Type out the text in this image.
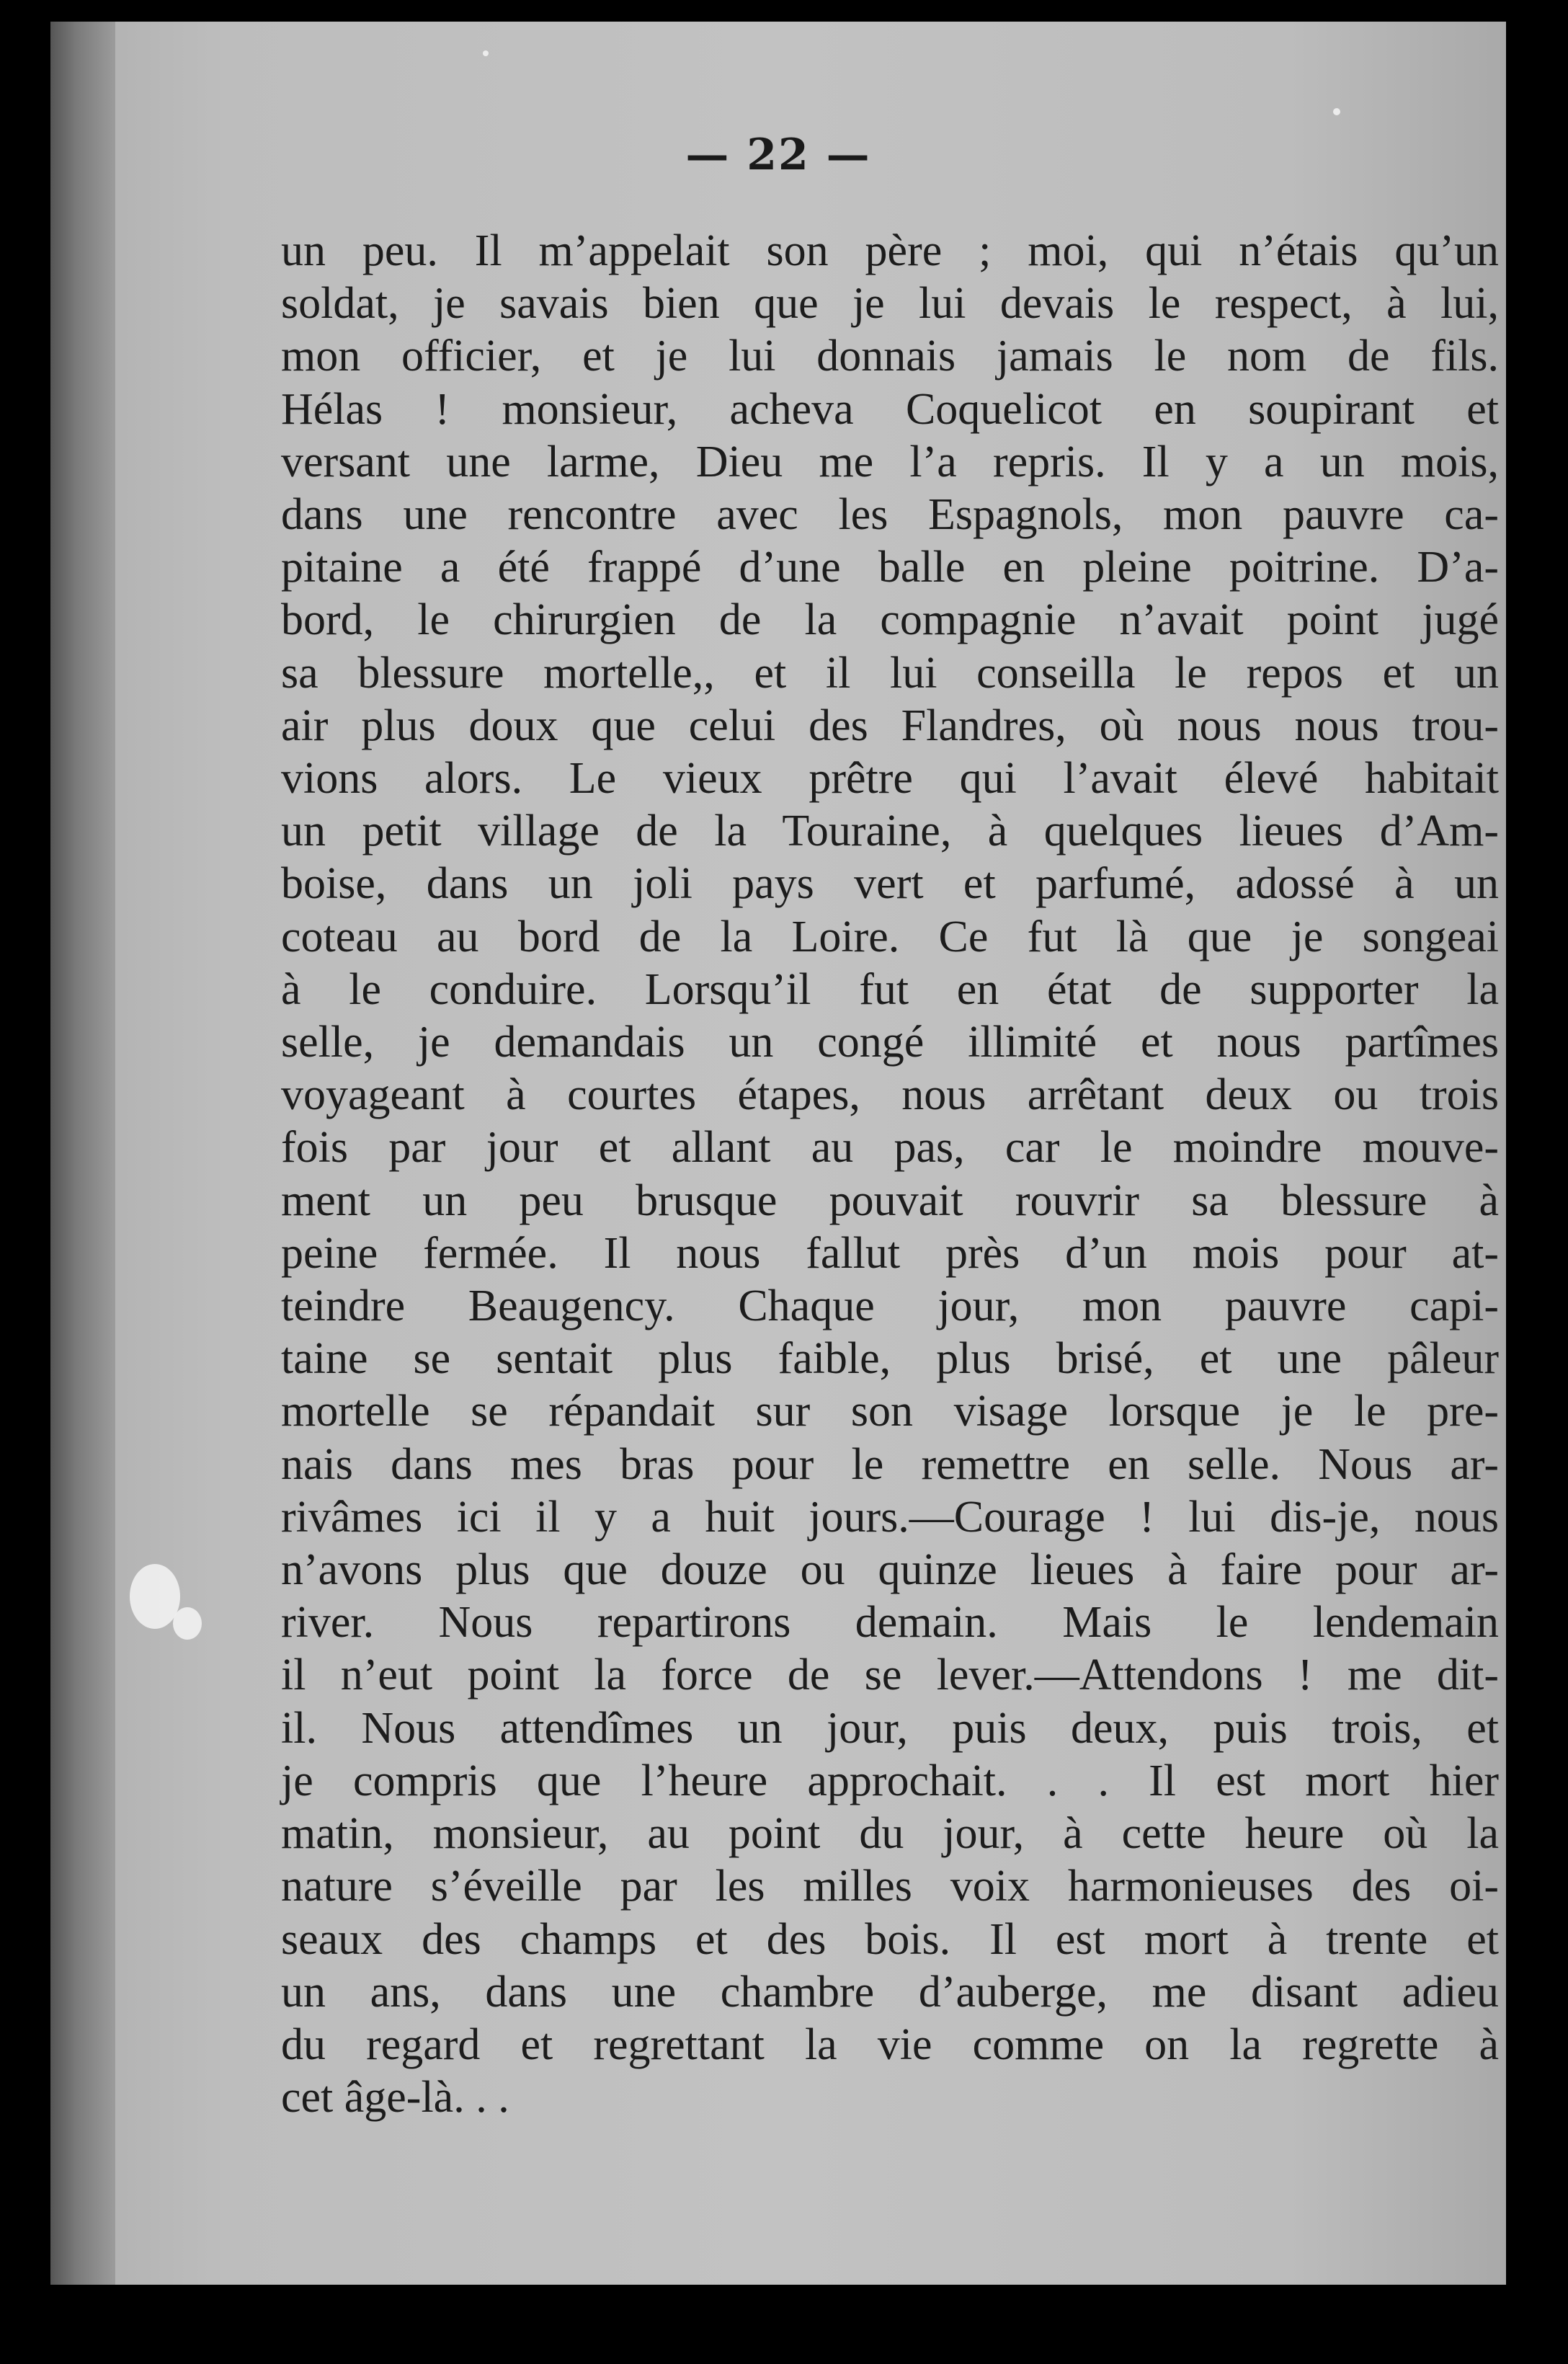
— 22 —
un peu. Il m’appelait son père ; moi, qui n’étais qu’un
soldat, je savais bien que je lui devais le respect, à lui,
mon officier, et je lui donnais jamais le nom de fils.
Hélas ! monsieur, acheva Coquelicot en soupirant et
versant une larme, Dieu me l’a repris. Il y a un mois,
dans une rencontre avec les Espagnols, mon pauvre ca-
pitaine a été frappé d’une balle en pleine poitrine. D’a-
bord, le chirurgien de la compagnie n’avait point jugé
sa blessure mortelle,, et il lui conseilla le repos et un
air plus doux que celui des Flandres, où nous nous trou-
vions alors. Le vieux prêtre qui l’avait élevé habitait
un petit village de la Touraine, à quelques lieues d’Am-
boise, dans un joli pays vert et parfumé, adossé à un
coteau au bord de la Loire. Ce fut là que je songeai
à le conduire. Lorsqu’il fut en état de supporter la
selle, je demandais un congé illimité et nous partîmes
voyageant à courtes étapes, nous arrêtant deux ou trois
fois par jour et allant au pas, car le moindre mouve-
ment un peu brusque pouvait rouvrir sa blessure à
peine fermée. Il nous fallut près d’un mois pour at-
teindre Beaugency. Chaque jour, mon pauvre capi-
taine se sentait plus faible, plus brisé, et une pâleur
mortelle se répandait sur son visage lorsque je le pre-
nais dans mes bras pour le remettre en selle. Nous ar-
rivâmes ici il y a huit jours.—Courage ! lui dis-je, nous
n’avons plus que douze ou quinze lieues à faire pour ar-
river. Nous repartirons demain. Mais le lendemain
il n’eut point la force de se lever.—Attendons ! me dit-
il. Nous attendîmes un jour, puis deux, puis trois, et
je compris que l’heure approchait. . . Il est mort hier
matin, monsieur, au point du jour, à cette heure où la
nature s’éveille par les milles voix harmonieuses des oi-
seaux des champs et des bois. Il est mort à trente et
un ans, dans une chambre d’auberge, me disant adieu
du regard et regrettant la vie comme on la regrette à
cet âge-là. . .
